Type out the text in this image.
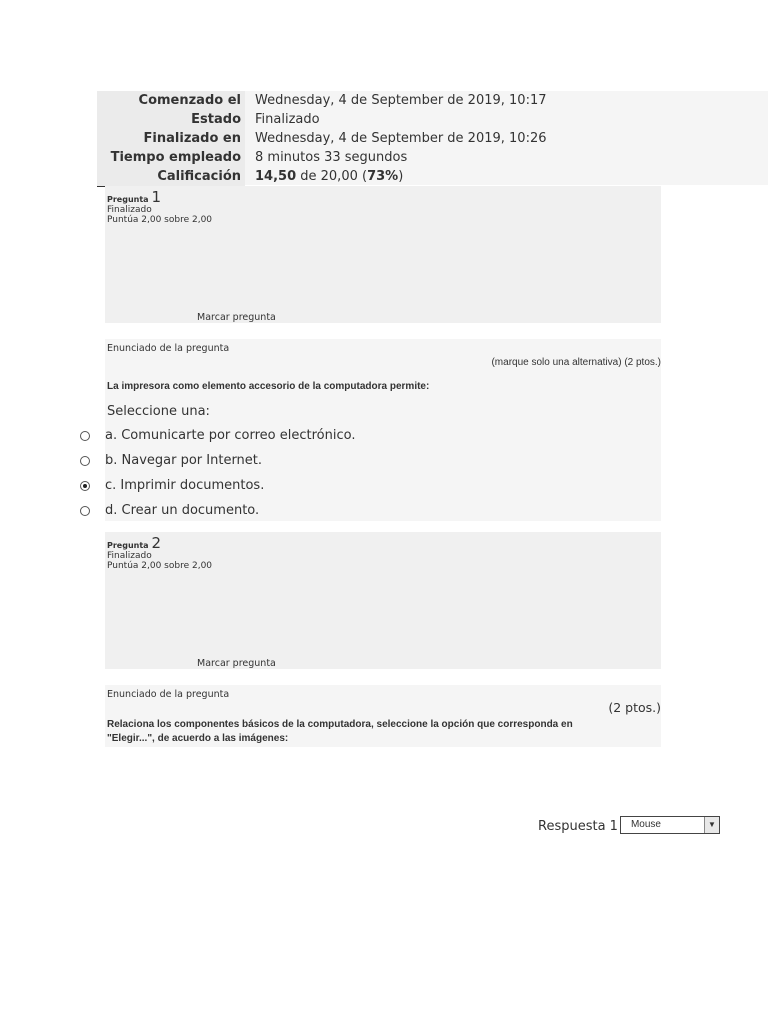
Comenzado el	Wednesday, 4 de September de 2019, 10:17
Estado	Finalizado
Finalizado en	Wednesday, 4 de September de 2019, 10:26
Tiempo empleado	8 minutos 33 segundos
Calificación	14,50 de 20,00 (73%)
Pregunta 1
Finalizado
Puntúa 2,00 sobre 2,00
Marcar pregunta
Enunciado de la pregunta
(marque solo una alternativa) (2 ptos.)
La impresora como elemento accesorio de la computadora permite:
Seleccione una:
a. Comunicarte por correo electrónico.
b. Navegar por Internet.
c. Imprimir documentos.
d. Crear un documento.
Pregunta 2
Finalizado
Puntúa 2,00 sobre 2,00
Marcar pregunta
Enunciado de la pregunta
(2 ptos.)
Relaciona los componentes básicos de la computadora, seleccione la opción que corresponda en
"Elegir...", de acuerdo a las imágenes:
Respuesta 1 Mouse	▼
